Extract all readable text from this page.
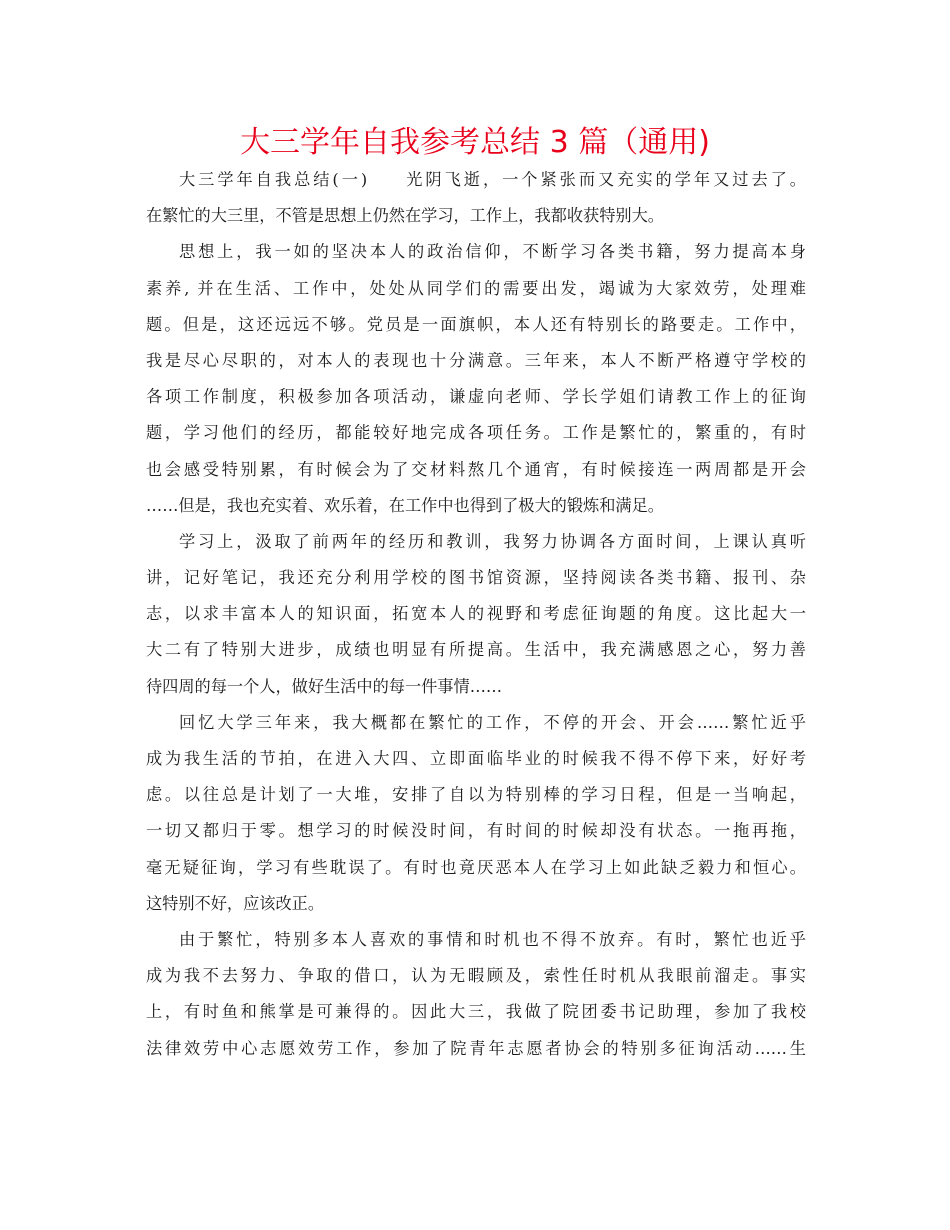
大三学年自我参考总结 3 篇（通用)
大三学年自我总结(一) 光阴飞逝，一个紧张而又充实的学年又过去了。
在繁忙的大三里，不管是思想上仍然在学习，工作上，我都收获特别大。
思想上，我一如的坚决本人的政治信仰，不断学习各类书籍，努力提高本身
素养, 并在生活、工作中，处处从同学们的需要出发，竭诚为大家效劳，处理难
题。但是，这还远远不够。党员是一面旗帜，本人还有特别长的路要走。工作中，
我是尽心尽职的，对本人的表现也十分满意。三年来，本人不断严格遵守学校的
各项工作制度，积极参加各项活动，谦虚向老师、学长学姐们请教工作上的征询
题，学习他们的经历，都能较好地完成各项任务。工作是繁忙的，繁重的，有时
也会感受特别累，有时候会为了交材料熬几个通宵，有时候接连一两周都是开会
……但是，我也充实着、欢乐着，在工作中也得到了极大的锻炼和满足。
学习上，汲取了前两年的经历和教训，我努力协调各方面时间，上课认真听
讲，记好笔记，我还充分利用学校的图书馆资源，坚持阅读各类书籍、报刊、杂
志，以求丰富本人的知识面，拓宽本人的视野和考虑征询题的角度。这比起大一
大二有了特别大进步，成绩也明显有所提高。生活中，我充满感恩之心，努力善
待四周的每一个人，做好生活中的每一件事情……
回忆大学三年来，我大概都在繁忙的工作，不停的开会、开会……繁忙近乎
成为我生活的节拍，在进入大四、立即面临毕业的时候我不得不停下来，好好考
虑。以往总是计划了一大堆，安排了自以为特别棒的学习日程，但是一当响起，
一切又都归于零。想学习的时候没时间，有时间的时候却没有状态。一拖再拖，
毫无疑征询，学习有些耽误了。有时也竟厌恶本人在学习上如此缺乏毅力和恒心。
这特别不好，应该改正。
由于繁忙，特别多本人喜欢的事情和时机也不得不放弃。有时，繁忙也近乎
成为我不去努力、争取的借口，认为无暇顾及，索性任时机从我眼前溜走。事实
上，有时鱼和熊掌是可兼得的。因此大三，我做了院团委书记助理，参加了我校
法律效劳中心志愿效劳工作，参加了院青年志愿者协会的特别多征询活动……生
